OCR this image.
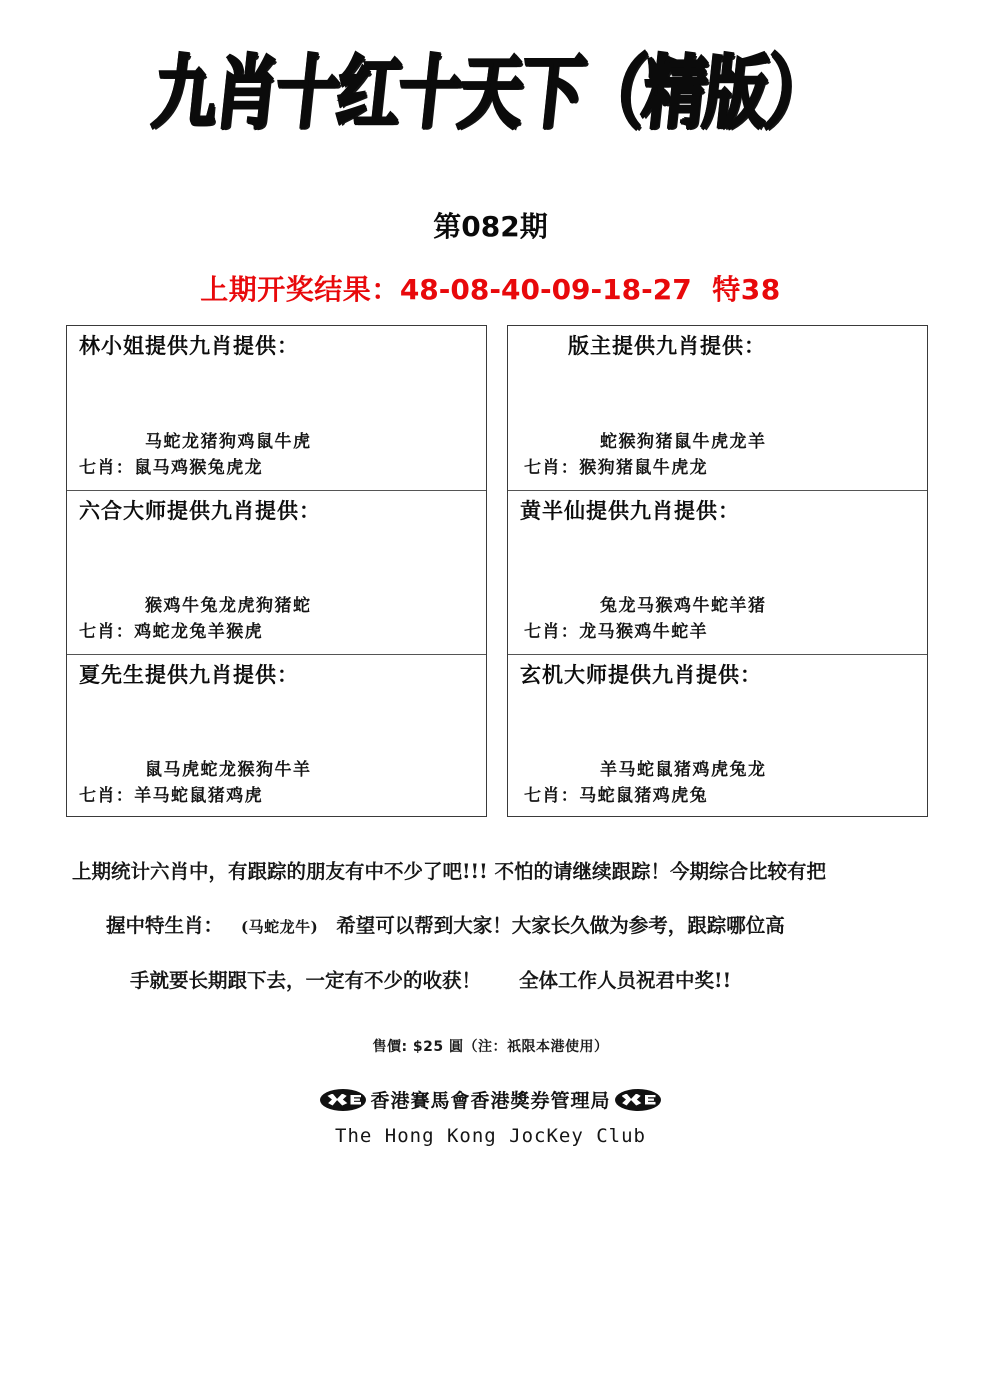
九肖十红十天下（精版）
第082期
上期开奖结果：48-08-40-09-18-27 特38
林小姐提供九肖提供：
马蛇龙猪狗鸡鼠牛虎
七肖：鼠马鸡猴兔虎龙
六合大师提供九肖提供：
猴鸡牛兔龙虎狗猪蛇
七肖：鸡蛇龙兔羊猴虎
夏先生提供九肖提供：
鼠马虎蛇龙猴狗牛羊
七肖：羊马蛇鼠猪鸡虎
版主提供九肖提供：
蛇猴狗猪鼠牛虎龙羊
七肖：猴狗猪鼠牛虎龙
黄半仙提供九肖提供：
兔龙马猴鸡牛蛇羊猪
七肖：龙马猴鸡牛蛇羊
玄机大师提供九肖提供：
羊马蛇鼠猪鸡虎兔龙
七肖：马蛇鼠猪鸡虎兔
上期统计六肖中，有跟踪的朋友有中不少了吧!!! 不怕的请继续跟踪！今期综合比较有把
握中特生肖： (马蛇龙牛) 希望可以帮到大家！大家长久做为参考，跟踪哪位高
手就要长期跟下去，一定有不少的收获！ 全体工作人员祝君中奖!!
售價: $25 圓（注：祇限本港使用）
香港賽馬會香港獎券管理局
The Hong Kong JocKey Club
